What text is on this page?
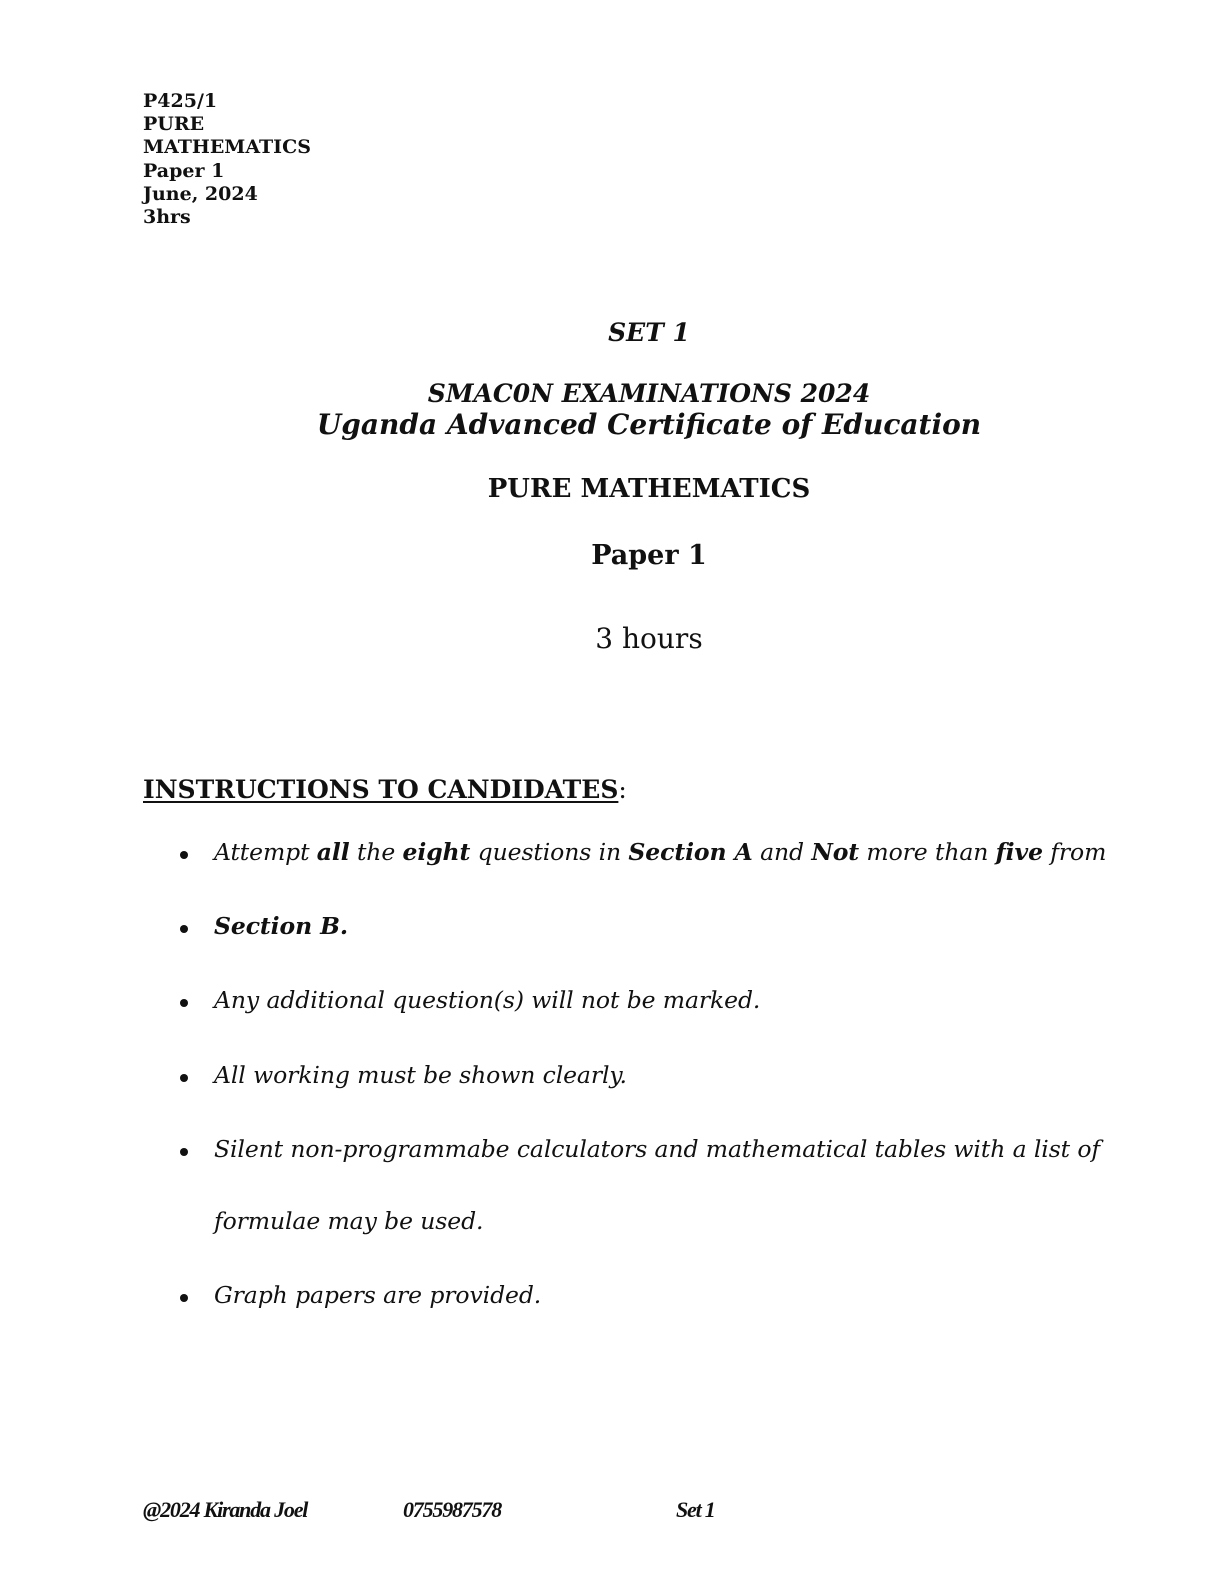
P425/1
PURE
MATHEMATICS
Paper 1
June, 2024
3hrs
SET 1
SMAC0N EXAMINATIONS 2024
Uganda Advanced Certificate of Education
PURE MATHEMATICS
Paper 1
3 hours
INSTRUCTIONS TO CANDIDATES:
Attempt all the eight questions in Section A and Not more than five from
Section B.
Any additional question(s) will not be marked.
All working must be shown clearly.
Silent non-programmabe calculators and mathematical tables with a list of
formulae may be used.
Graph papers are provided.
@2024 Kiranda Joel	0755987578	Set 1
